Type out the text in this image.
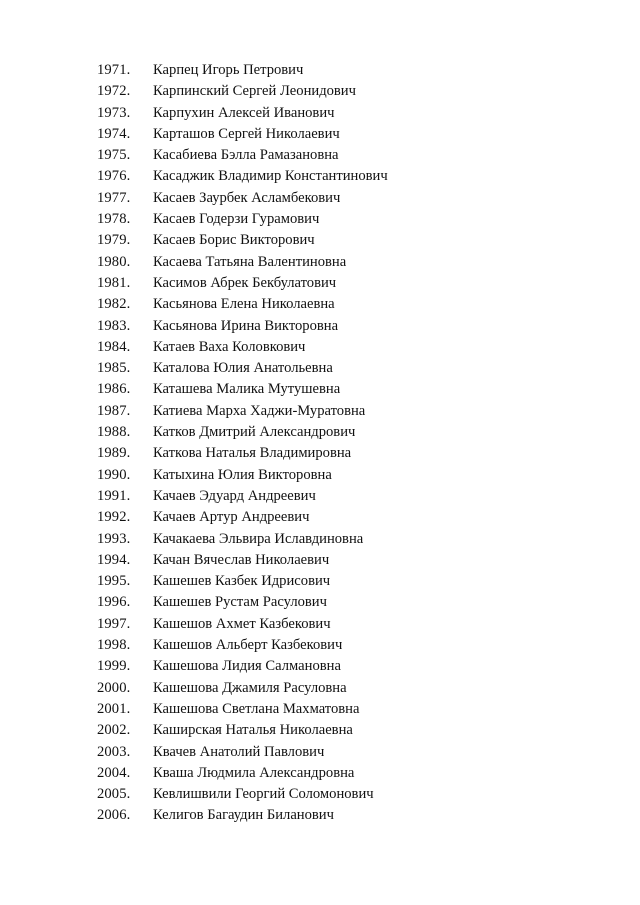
1971.	Карпец Игорь Петрович
1972.	Карпинский Сергей Леонидович
1973.	Карпухин Алексей Иванович
1974.	Карташов Сергей Николаевич
1975.	Касабиева Бэлла Рамазановна
1976.	Касаджик Владимир Константинович
1977.	Касаев Заурбек Асламбекович
1978.	Касаев Годерзи Гурамович
1979.	Касаев Борис Викторович
1980.	Касаева Татьяна Валентиновна
1981.	Касимов Абрек Бекбулатович
1982.	Касьянова Елена Николаевна
1983.	Касьянова Ирина Викторовна
1984.	Катаев Ваха Коловкович
1985.	Каталова Юлия Анатольевна
1986.	Каташева Малика Мутушевна
1987.	Катиева Марха Хаджи-Муратовна
1988.	Катков Дмитрий Александрович
1989.	Каткова Наталья Владимировна
1990.	Катыхина Юлия Викторовна
1991.	Качаев Эдуард Андреевич
1992.	Качаев Артур Андреевич
1993.	Качакаева Эльвира Иславдиновна
1994.	Качан Вячеслав Николаевич
1995.	Кашешев Казбек Идрисович
1996.	Кашешев Рустам Расулович
1997.	Кашешов Ахмет Казбекович
1998.	Кашешов Альберт Казбекович
1999.	Кашешова Лидия Салмановна
2000.	Кашешова Джамиля Расуловна
2001.	Кашешова Светлана Махматовна
2002.	Каширская Наталья Николаевна
2003.	Квачев Анатолий Павлович
2004.	Кваша Людмила Александровна
2005.	Кевлишвили Георгий Соломонович
2006.	Келигов Багаудин Биланович
